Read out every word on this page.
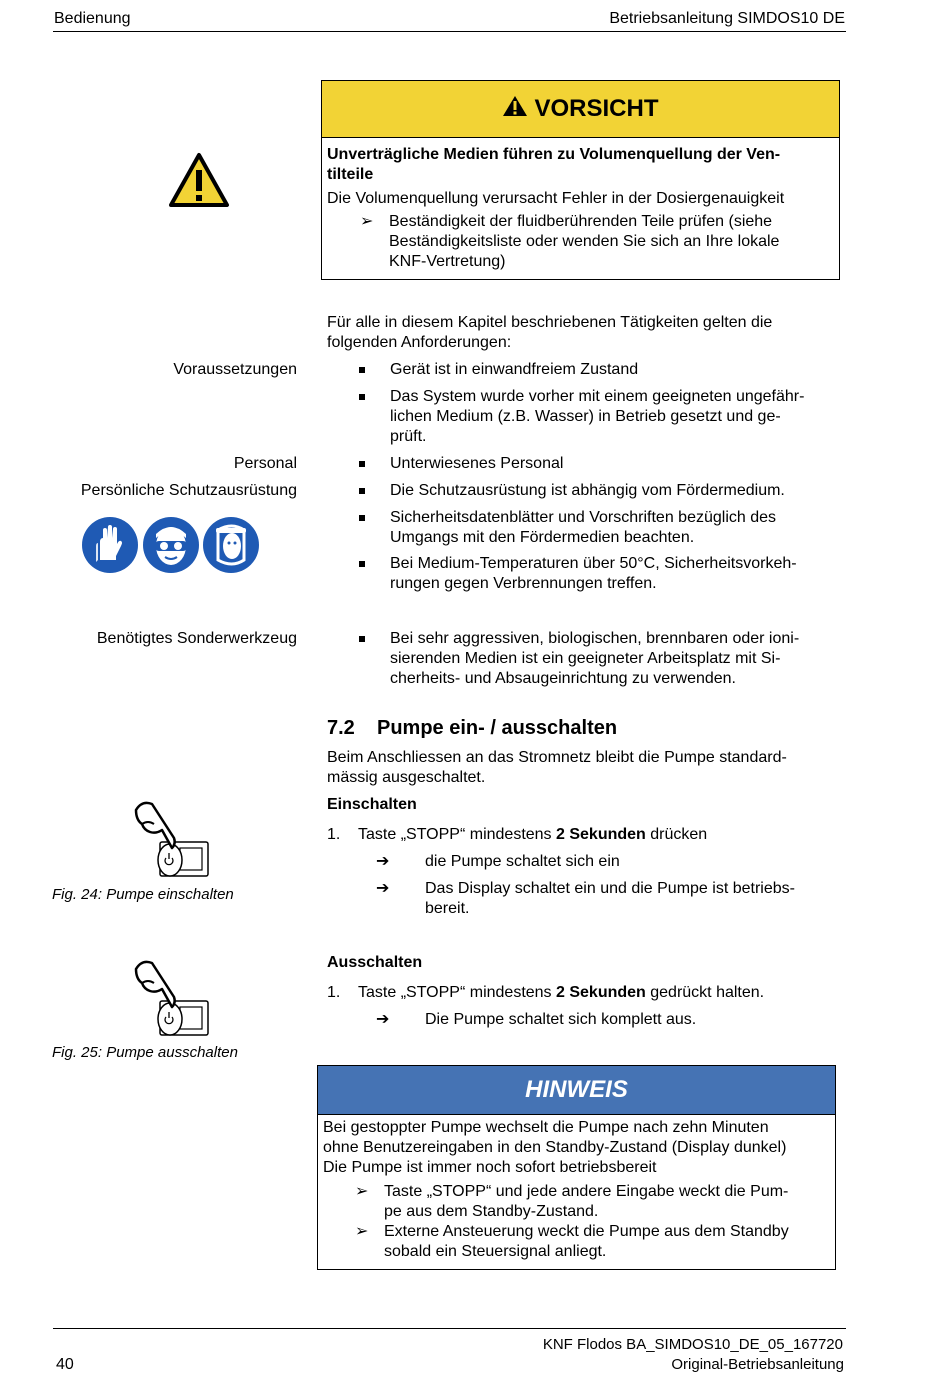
Bedienung	Betriebsanleitung SIMDOS10 DE
VORSICHT
Unverträgliche Medien führen zu Volumenquellung der Ven-
tilteile
Die Volumenquellung verursacht Fehler in der Dosiergenauigkeit
➢ Beständigkeit der fluidberührenden Teile prüfen (siehe
Beständigkeitsliste oder wenden Sie sich an Ihre lokale
KNF-Vertretung)
Für alle in diesem Kapitel beschriebenen Tätigkeiten gelten die
folgenden Anforderungen:
Voraussetzungen	Gerät ist in einwandfreiem Zustand
Das System wurde vorher mit einem geeigneten ungefähr-
lichen Medium (z.B. Wasser) in Betrieb gesetzt und ge-
prüft.
Personal	Unterwiesenes Personal
Persönliche Schutzausrüstung	Die Schutzausrüstung ist abhängig vom Fördermedium.
Sicherheitsdatenblätter und Vorschriften bezüglich des
Umgangs mit den Fördermedien beachten.
Bei Medium-Temperaturen über 50°C, Sicherheitsvorkeh-
rungen gegen Verbrennungen treffen.
Benötigtes Sonderwerkzeug	Bei sehr aggressiven, biologischen, brennbaren oder ioni-
sierenden Medien ist ein geeigneter Arbeitsplatz mit Si-
cherheits- und Absaugeinrichtung zu verwenden.
7.2 Pumpe ein- / ausschalten
Beim Anschliessen an das Stromnetz bleibt die Pumpe standard-
mässig ausgeschaltet.
Einschalten
1. Taste „STOPP“ mindestens 2 Sekunden drücken
➔ die Pumpe schaltet sich ein
➔ Das Display schaltet ein und die Pumpe ist betriebs-
bereit.
Ausschalten
1. Taste „STOPP“ mindestens 2 Sekunden gedrückt halten.
➔ Die Pumpe schaltet sich komplett aus.
Fig. 24: Pumpe einschalten
Fig. 25: Pumpe ausschalten
HINWEIS
Bei gestoppter Pumpe wechselt die Pumpe nach zehn Minuten
ohne Benutzereingaben in den Standby-Zustand (Display dunkel)
Die Pumpe ist immer noch sofort betriebsbereit
➢ Taste „STOPP“ und jede andere Eingabe weckt die Pum-
pe aus dem Standby-Zustand.
➢ Externe Ansteuerung weckt die Pumpe aus dem Standby
sobald ein Steuersignal anliegt.
40
KNF Flodos BA_SIMDOS10_DE_05_167720
Original-Betriebsanleitung
